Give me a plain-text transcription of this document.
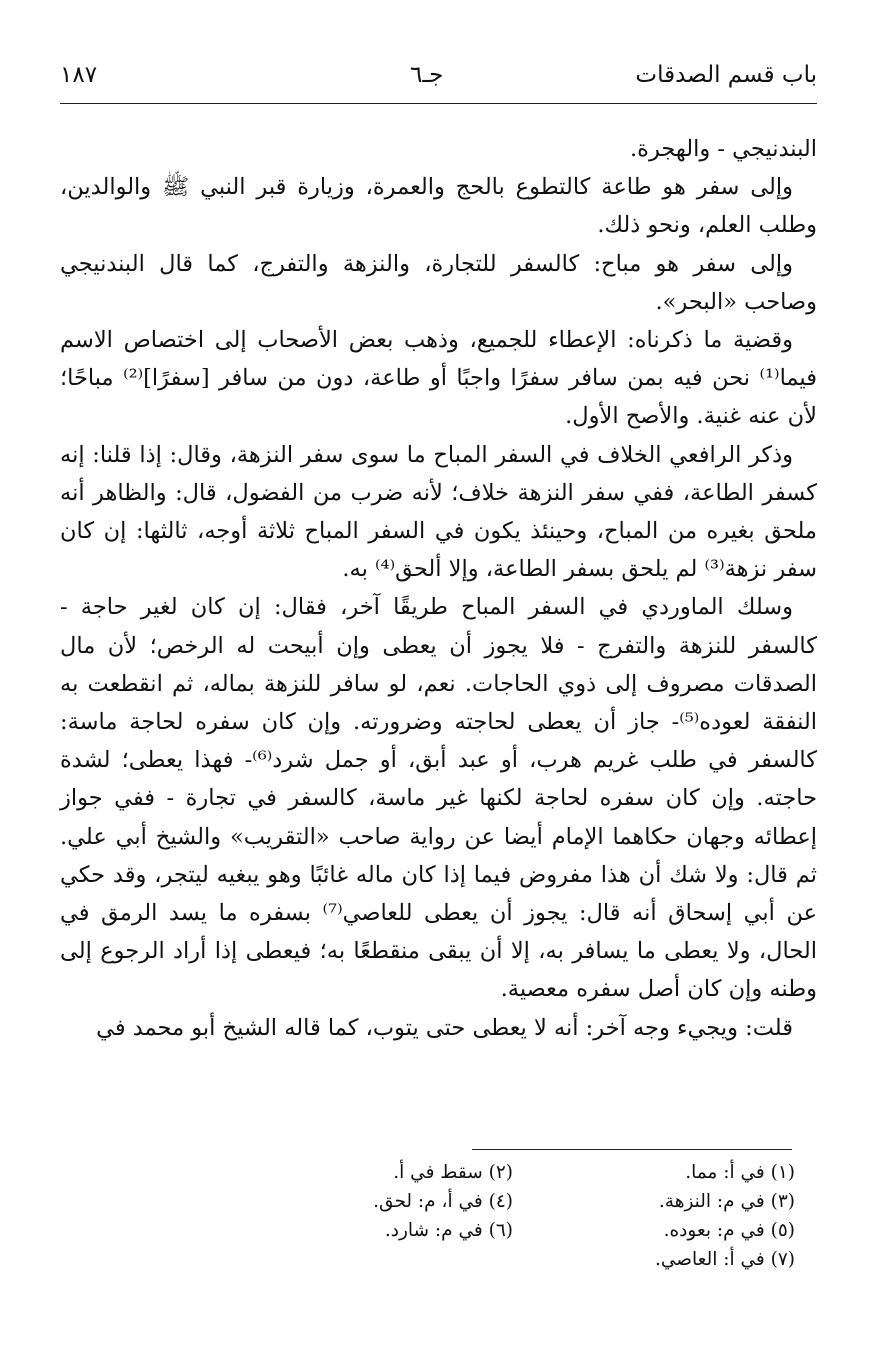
باب قسم الصدقات
جـ٦
١٨٧

البندنيجي - والهجرة.

وإلى سفر هو طاعة كالتطوع بالحج والعمرة، وزيارة قبر النبي ﷺ والوالدين، وطلب العلم، ونحو ذلك.

وإلى سفر هو مباح: كالسفر للتجارة، والنزهة والتفرج، كما قال البندنيجي وصاحب «البحر».

وقضية ما ذكرناه: الإعطاء للجميع، وذهب بعض الأصحاب إلى اختصاص الاسم فيما⁽¹⁾ نحن فيه بمن سافر سفرًا واجبًا أو طاعة، دون من سافر [سفرًا]⁽²⁾ مباحًا؛ لأن عنه غنية. والأصح الأول.

وذكر الرافعي الخلاف في السفر المباح ما سوى سفر النزهة، وقال: إذا قلنا: إنه كسفر الطاعة، ففي سفر النزهة خلاف؛ لأنه ضرب من الفضول، قال: والظاهر أنه ملحق بغيره من المباح، وحينئذ يكون في السفر المباح ثلاثة أوجه، ثالثها: إن كان سفر نزهة⁽³⁾ لم يلحق بسفر الطاعة، وإلا ألحق⁽⁴⁾ به.

وسلك الماوردي في السفر المباح طريقًا آخر، فقال: إن كان لغير حاجة - كالسفر للنزهة والتفرج - فلا يجوز أن يعطى وإن أبيحت له الرخص؛ لأن مال الصدقات مصروف إلى ذوي الحاجات. نعم، لو سافر للنزهة بماله، ثم انقطعت به النفقة لعوده⁽⁵⁾- جاز أن يعطى لحاجته وضرورته. وإن كان سفره لحاجة ماسة: كالسفر في طلب غريم هرب، أو عبد أبق، أو جمل شرد⁽⁶⁾- فهذا يعطى؛ لشدة حاجته. وإن كان سفره لحاجة لكنها غير ماسة، كالسفر في تجارة - ففي جواز إعطائه وجهان حكاهما الإمام أيضا عن رواية صاحب «التقريب» والشيخ أبي علي. ثم قال: ولا شك أن هذا مفروض فيما إذا كان ماله غائبًا وهو يبغيه ليتجر، وقد حكي عن أبي إسحاق أنه قال: يجوز أن يعطى للعاصي⁽⁷⁾ بسفره ما يسد الرمق في الحال، ولا يعطى ما يسافر به، إلا أن يبقى منقطعًا به؛ فيعطى إذا أراد الرجوع إلى وطنه وإن كان أصل سفره معصية.

قلت: ويجيء وجه آخر: أنه لا يعطى حتى يتوب، كما قاله الشيخ أبو محمد في

(١) في أ: مما.
(٢) سقط في أ.
(٣) في م: النزهة.
(٤) في أ، م: لحق.
(٥) في م: بعوده.
(٦) في م: شارد.
(٧) في أ: العاصي.
